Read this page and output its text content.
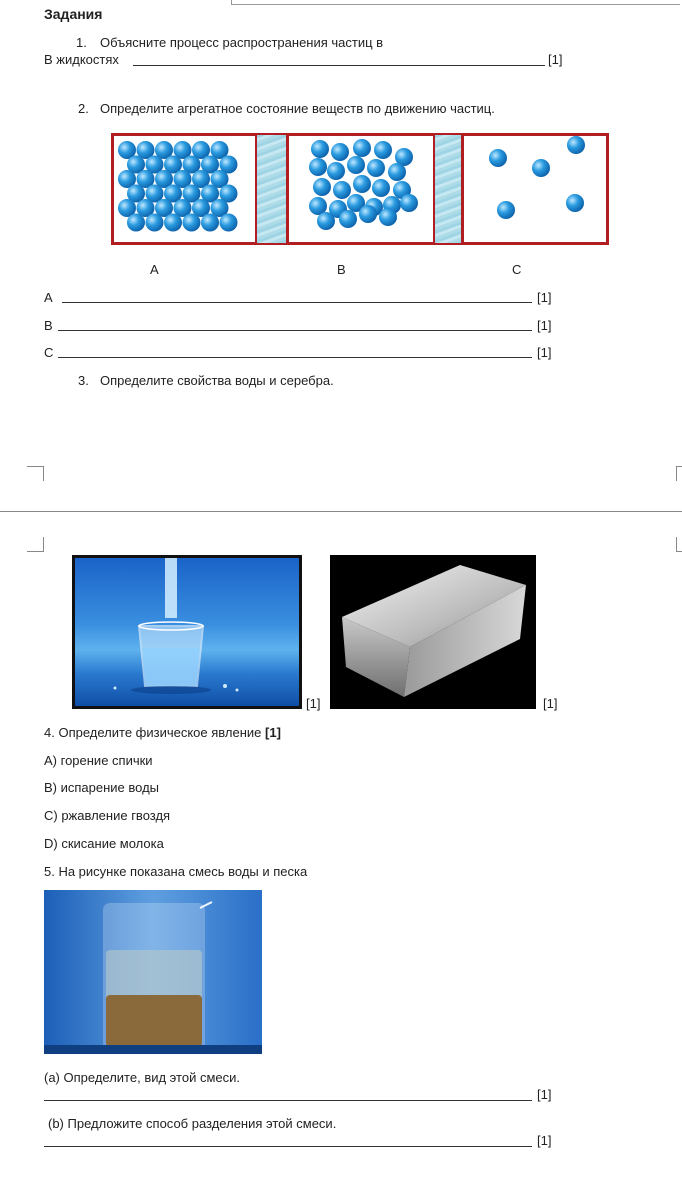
Задания
1. Объясните процесс распространения частиц в
В жидкостях	[1]
2. Определите агрегатное состояние веществ по движению частиц.
А	В	С
А	[1]
В	[1]
С	[1]
3. Определите свойства воды и серебра.
[1]	[1]
4. Определите физическое явление [1]
A) горение спички
B) испарение воды
C) ржавление гвоздя
D) скисание молока
5. На рисунке показана смесь воды и песка
(a) Определите, вид этой смеси.
[1]
(b) Предложите способ разделения этой смеси.
[1]
